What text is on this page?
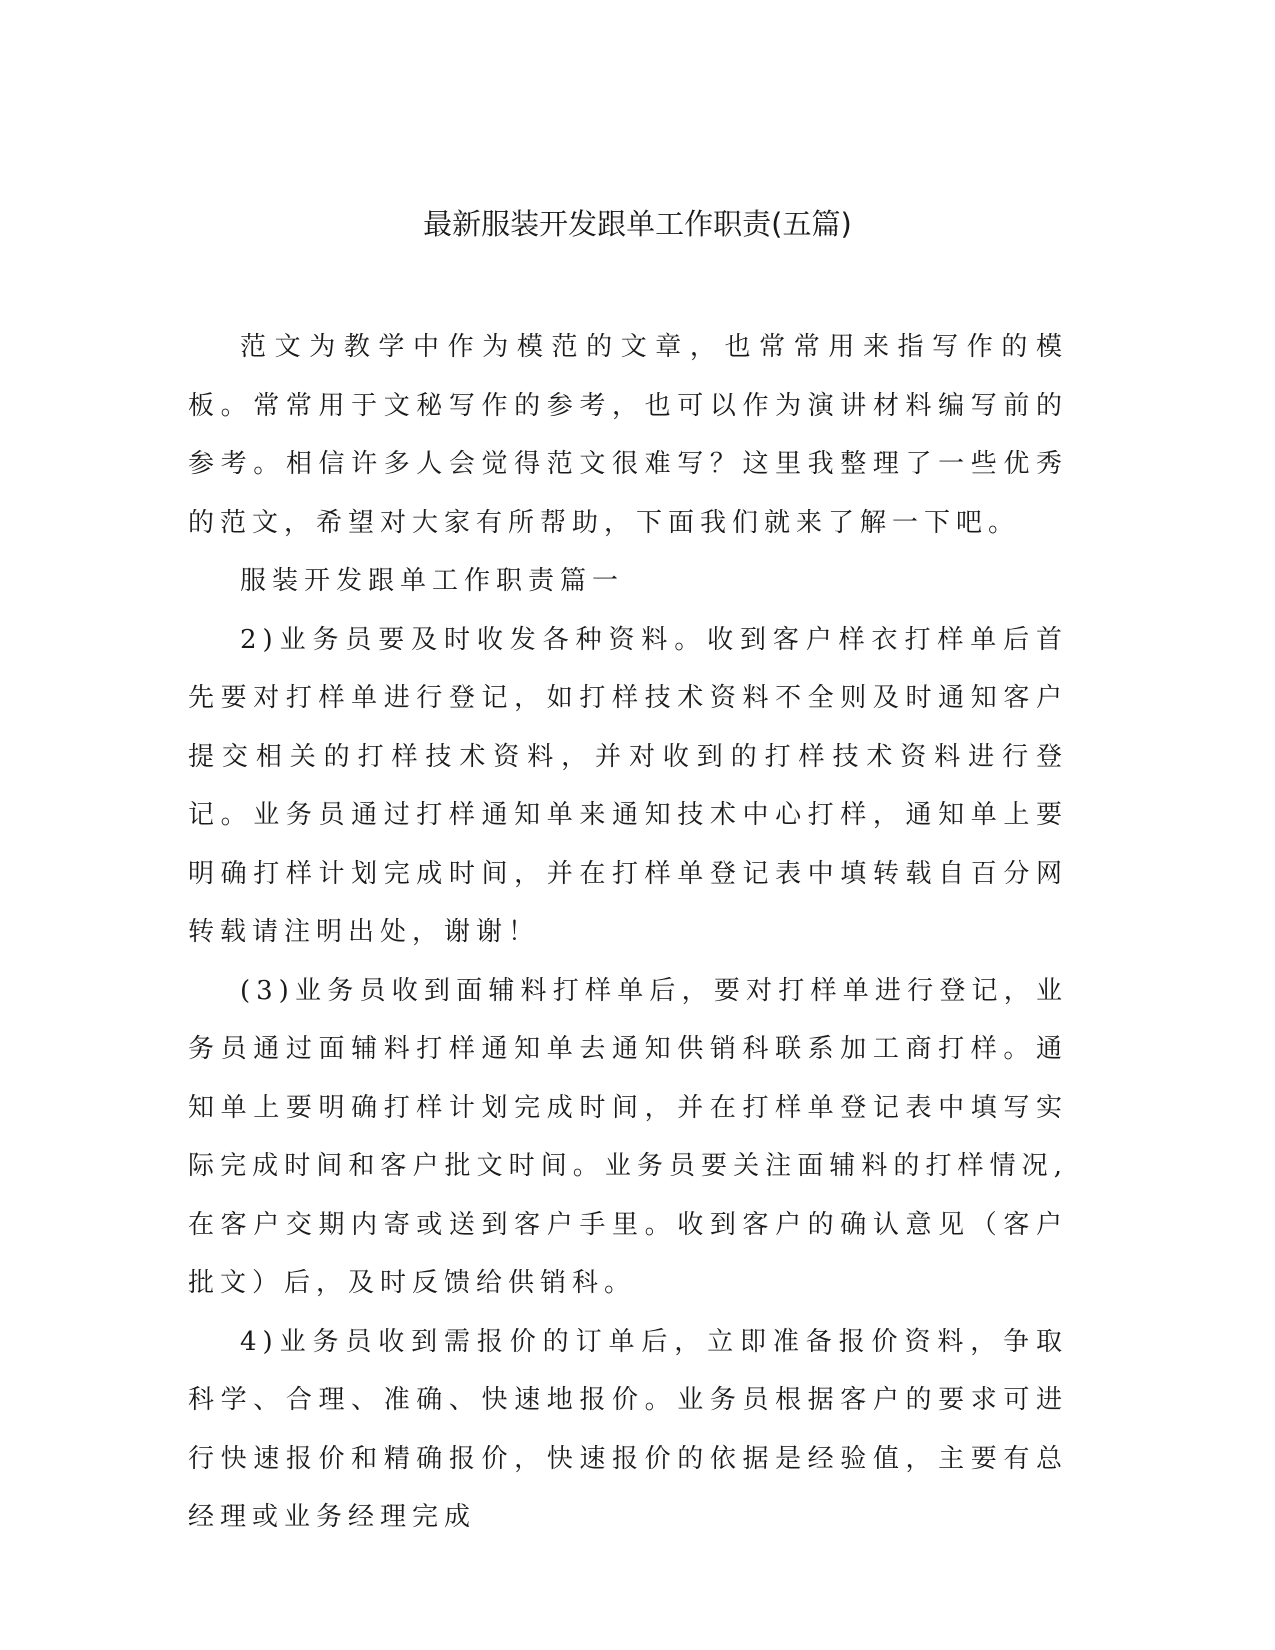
最新服装开发跟单工作职责(五篇)

范文为教学中作为模范的文章，也常常用来指写作的模板。常常用于文秘写作的参考，也可以作为演讲材料编写前的参考。相信许多人会觉得范文很难写？这里我整理了一些优秀的范文，希望对大家有所帮助，下面我们就来了解一下吧。

服装开发跟单工作职责篇一

2)业务员要及时收发各种资料。收到客户样衣打样单后首先要对打样单进行登记，如打样技术资料不全则及时通知客户提交相关的打样技术资料，并对收到的打样技术资料进行登记。业务员通过打样通知单来通知技术中心打样，通知单上要明确打样计划完成时间，并在打样单登记表中填转载自百分网转载请注明出处，谢谢！

(3)业务员收到面辅料打样单后，要对打样单进行登记，业务员通过面辅料打样通知单去通知供销科联系加工商打样。通知单上要明确打样计划完成时间，并在打样单登记表中填写实际完成时间和客户批文时间。业务员要关注面辅料的打样情况,在客户交期内寄或送到客户手里。收到客户的确认意见（客户批文）后，及时反馈给供销科。

4)业务员收到需报价的订单后，立即准备报价资料，争取科学、合理、准确、快速地报价。业务员根据客户的要求可进行快速报价和精确报价，快速报价的依据是经验值，主要有总经理或业务经理完成
